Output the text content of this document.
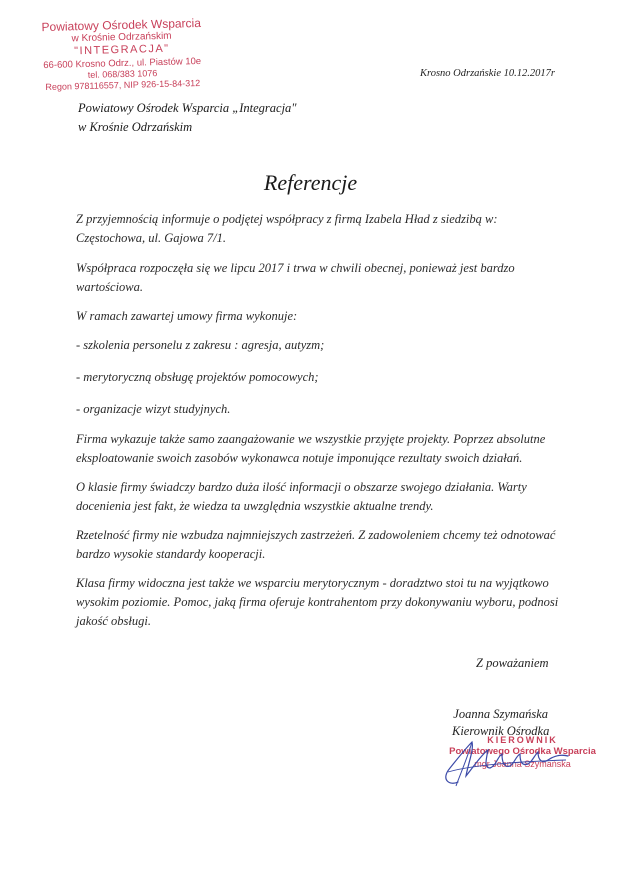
Powiatowy Ośrodek Wsparcia
w Krośnie Odrzańskim
"INTEGRACJA"
66-600 Krosno Odrz., ul. Piastów 10e
tel. 068/383 1076
Regon 978116557, NIP 926-15-84-312
Krosno Odrzańskie 10.12.2017r
Powiatowy Ośrodek Wsparcia „Integracja"
w Krośnie Odrzańskim
Referencje

Z przyjemnością informuje o podjętej współpracy z firmą Izabela Hład z siedzibą w: Częstochowa, ul. Gajowa 7/1.

Współpraca rozpoczęła się we lipcu 2017 i trwa w chwili obecnej, ponieważ jest bardzo wartościowa.

W ramach zawartej umowy firma wykonuje:

- szkolenia personelu z zakresu : agresja, autyzm;

- merytoryczną obsługę projektów pomocowych;

- organizacje wizyt studyjnych.

Firma wykazuje także samo zaangażowanie we wszystkie przyjęte projekty. Poprzez absolutne eksploatowanie swoich zasobów wykonawca notuje imponujące rezultaty swoich działań.

O klasie firmy świadczy bardzo duża ilość informacji o obszarze swojego działania. Warty docenienia jest fakt, że wiedza ta uwzględnia wszystkie aktualne trendy.

Rzetelność firmy nie wzbudza najmniejszych zastrzeżeń. Z zadowoleniem chcemy też odnotować bardzo wysokie standardy kooperacji.

Klasa firmy widoczna jest także we wsparciu merytorycznym - doradztwo stoi tu na wyjątkowo wysokim poziomie. Pomoc, jaką firma oferuje kontrahentom przy dokonywaniu wyboru, podnosi jakość obsługi.

Z poważaniem
Joanna Szymańska
Kierownik Ośrodka
KIEROWNIK
Powiatowego Ośrodka Wsparcia
mgr Joanna Szymańska
